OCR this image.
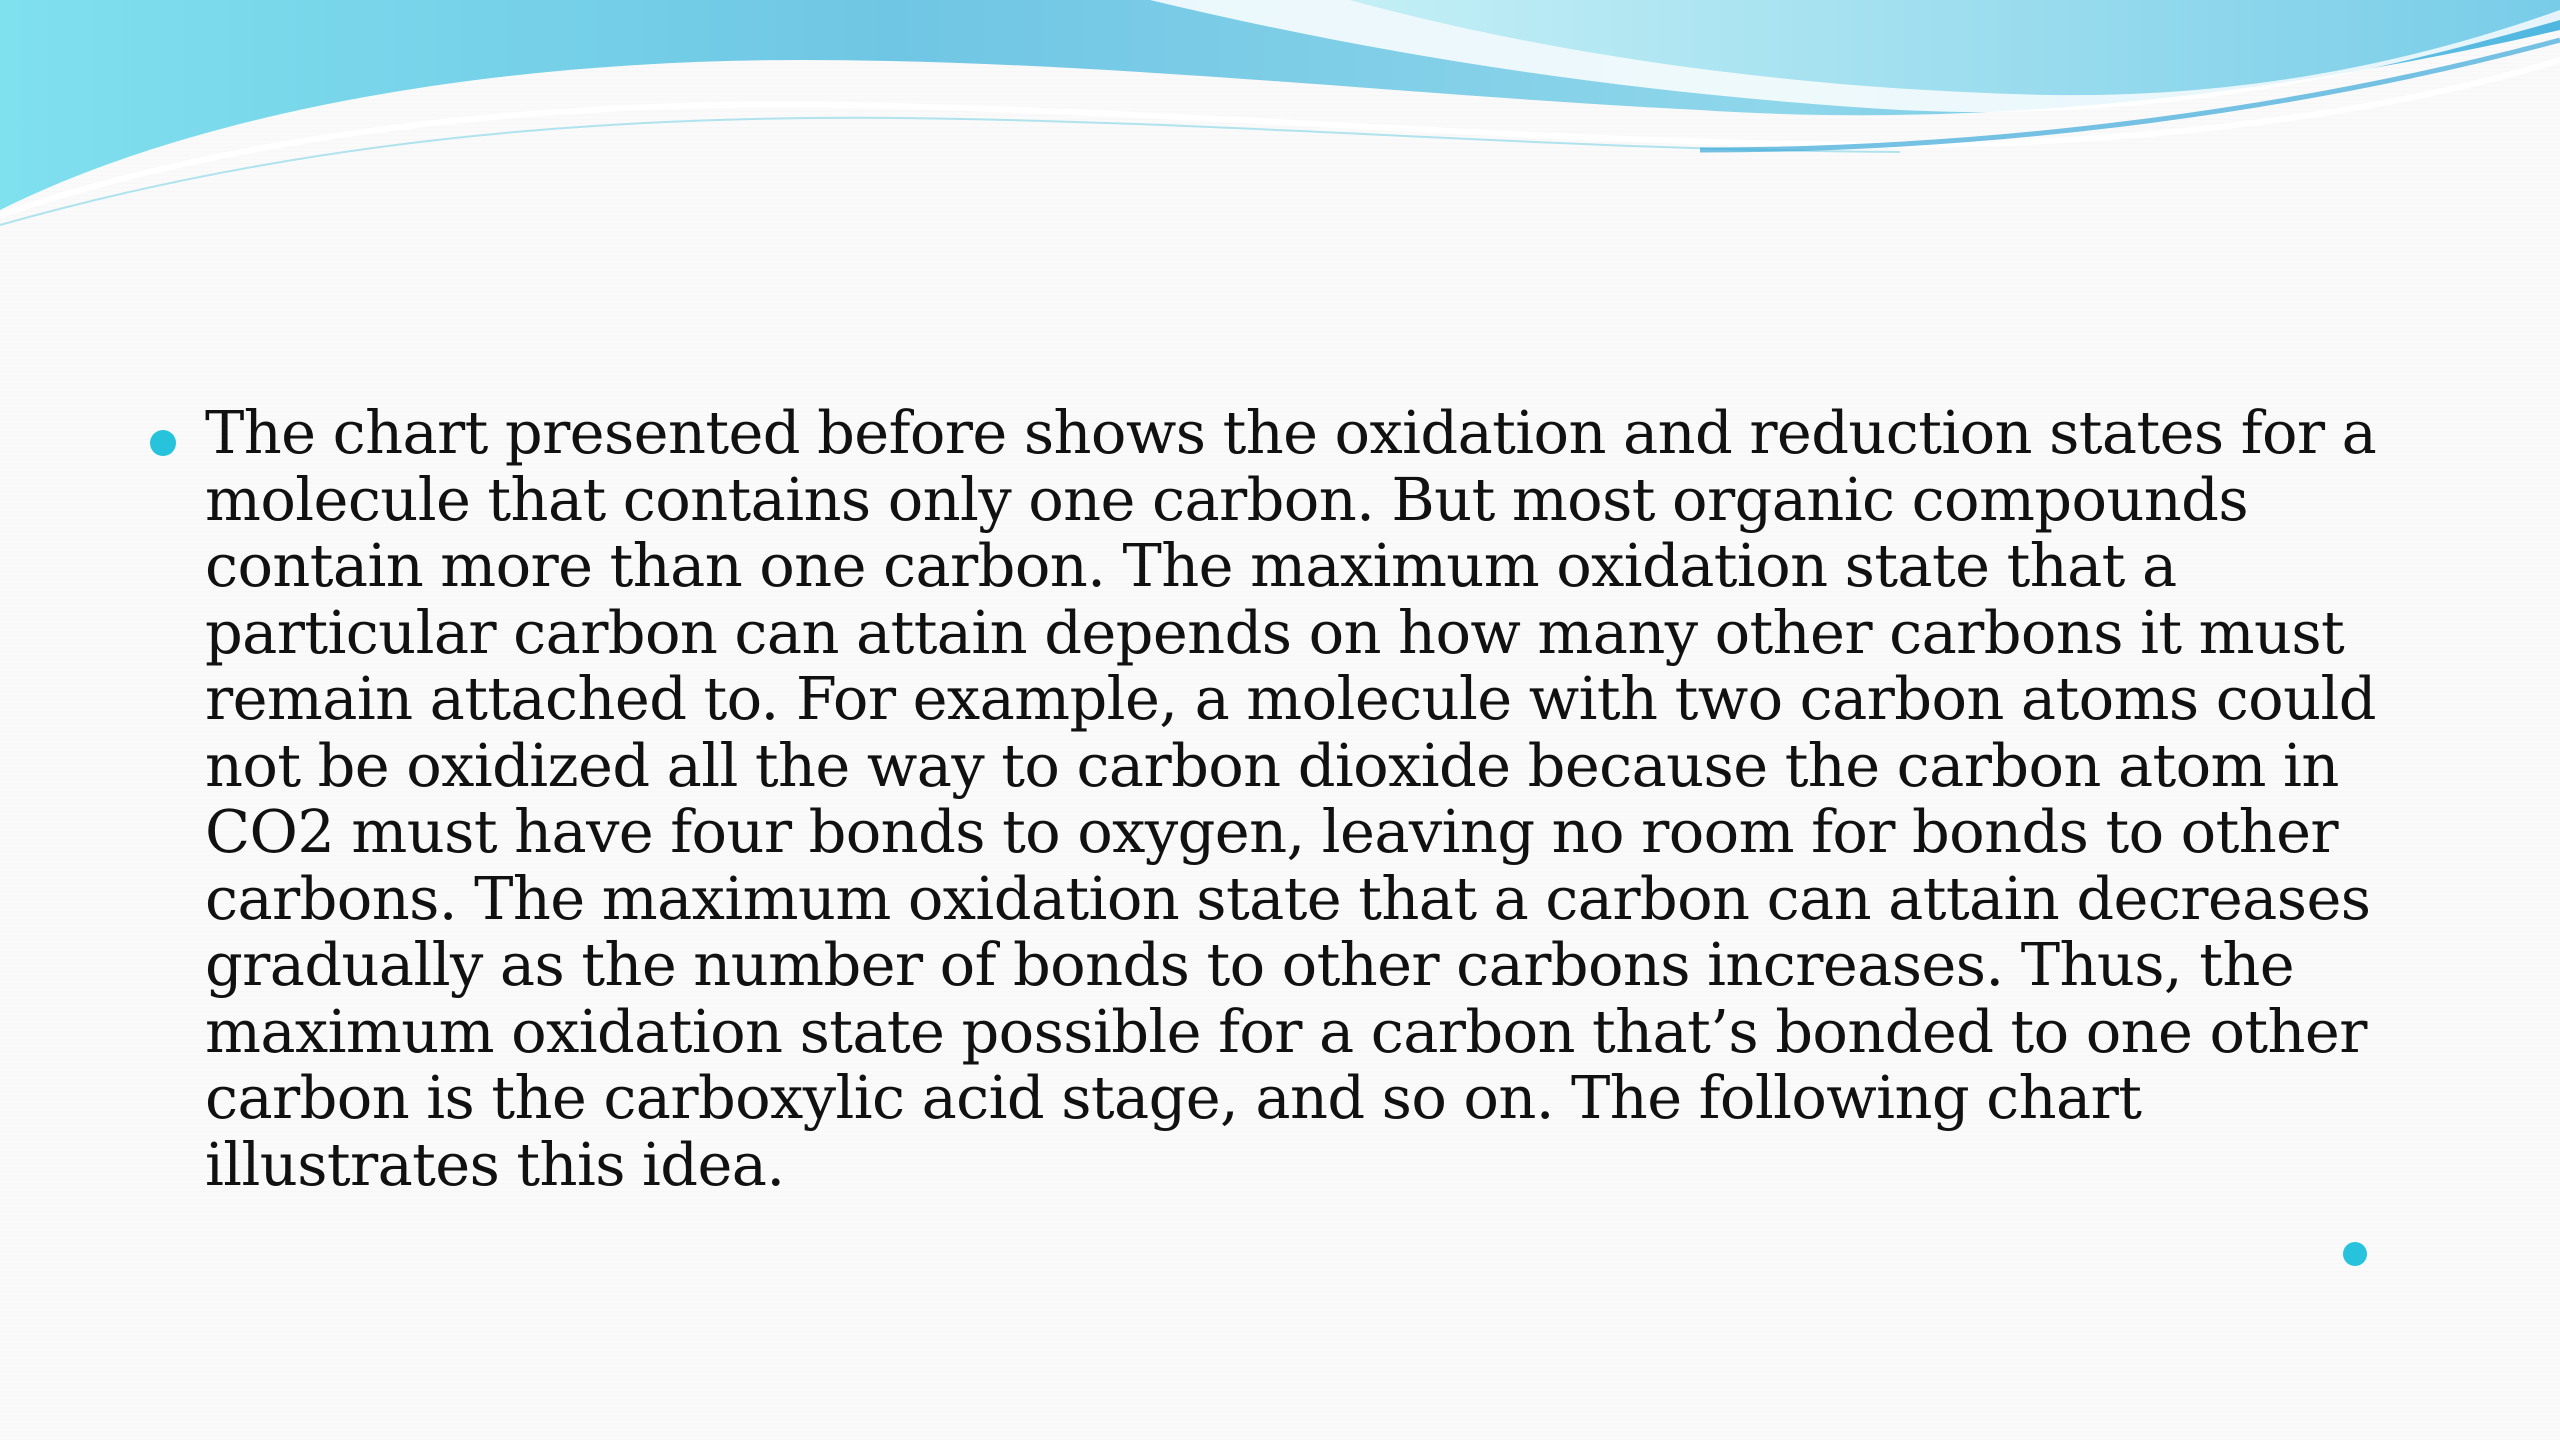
The chart presented before shows the oxidation and reduction states for a
molecule that contains only one carbon. But most organic compounds
contain more than one carbon. The maximum oxidation state that a
particular carbon can attain depends on how many other carbons it must
remain attached to. For example, a molecule with two carbon atoms could
not be oxidized all the way to carbon dioxide because the carbon atom in
CO2 must have four bonds to oxygen, leaving no room for bonds to other
carbons. The maximum oxidation state that a carbon can attain decreases
gradually as the number of bonds to other carbons increases. Thus, the
maximum oxidation state possible for a carbon that’s bonded to one other
carbon is the carboxylic acid stage, and so on. The following chart
illustrates this idea.
